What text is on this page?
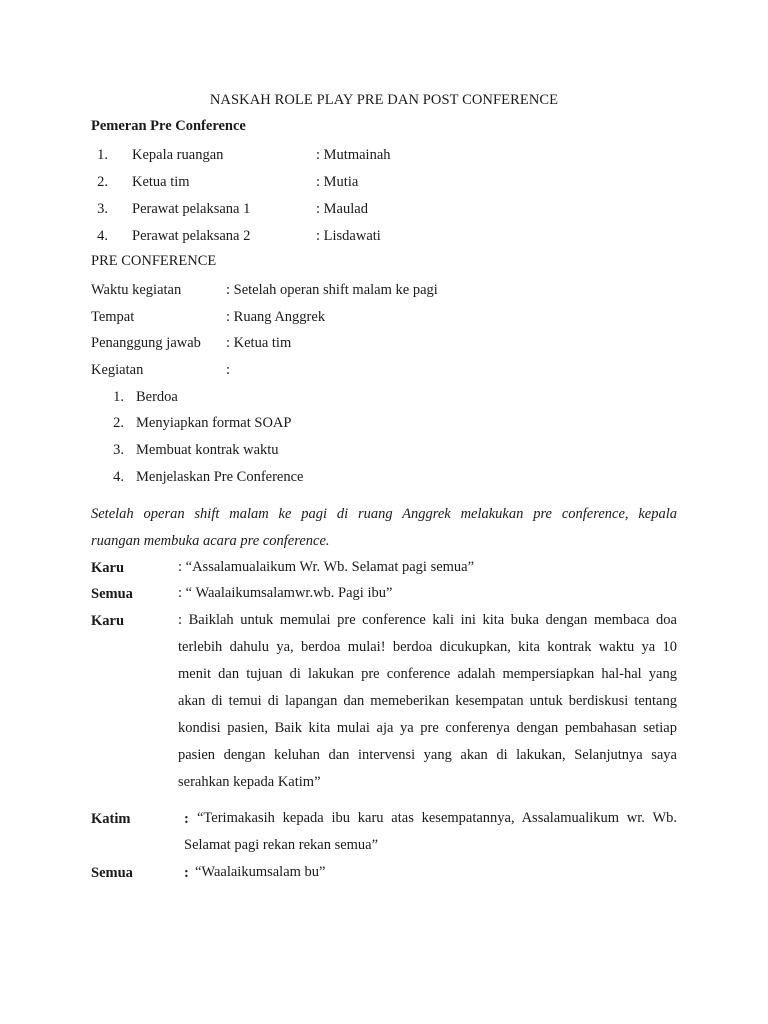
NASKAH ROLE PLAY PRE DAN POST CONFERENCE
Pemeran Pre Conference
1. Kepala ruangan	: Mutmainah
2. Ketua tim	: Mutia
3. Perawat pelaksana 1	: Maulad
4. Perawat pelaksana 2	: Lisdawati
PRE CONFERENCE
Waktu kegiatan	: Setelah operan shift malam ke pagi
Tempat	: Ruang Anggrek
Penanggung jawab : Ketua tim
Kegiatan	:
1. Berdoa
2. Menyiapkan format SOAP
3. Membuat kontrak waktu
4. Menjelaskan Pre Conference
Setelah operan shift malam ke pagi di ruang Anggrek melakukan pre conference, kepala
ruangan membuka acara pre conference.
Karu	: “Assalamualaikum Wr. Wb. Selamat pagi semua”
Semua	: “ Waalaikumsalamwr.wb. Pagi ibu”
Karu	: Baiklah untuk memulai pre conference kali ini kita buka dengan membaca doa
terlebih dahulu ya, berdoa mulai! berdoa dicukupkan, kita kontrak waktu ya 10
menit dan tujuan di lakukan pre conference adalah mempersiapkan hal-hal yang
akan di temui di lapangan dan memeberikan kesempatan untuk berdiskusi tentang
kondisi pasien, Baik kita mulai aja ya pre conferenya dengan pembahasan setiap
pasien dengan keluhan dan intervensi yang akan di lakukan, Selanjutnya saya
serahkan kepada Katim”
Katim	: “Terimakasih kepada ibu karu atas kesempatannya, Assalamualikum wr. Wb.
Selamat pagi rekan rekan semua”
Semua	: “Waalaikumsalam bu”
